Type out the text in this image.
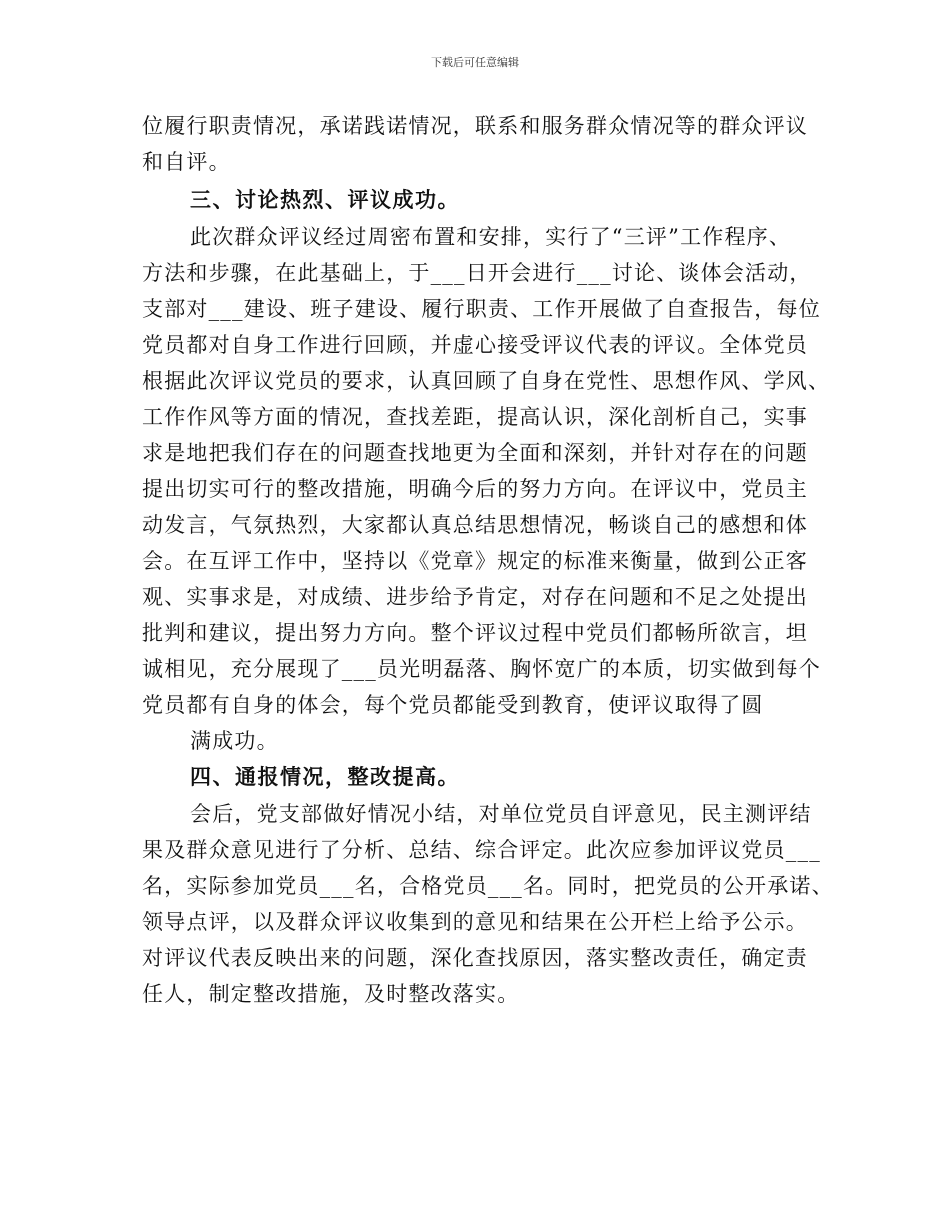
下载后可任意编辑
位履行职责情况，承诺践诺情况，联系和服务群众情况等的群众评议
和自评。
三、讨论热烈、评议成功。
此次群众评议经过周密布置和安排，实行了“三评”工作程序、
方法和步骤，在此基础上，于___日开会进行___讨论、谈体会活动，
支部对___建设、班子建设、履行职责、工作开展做了自查报告，每位
党员都对自身工作进行回顾，并虚心接受评议代表的评议。全体党员
根据此次评议党员的要求，认真回顾了自身在党性、思想作风、学风、
工作作风等方面的情况，查找差距，提高认识，深化剖析自己，实事
求是地把我们存在的问题查找地更为全面和深刻，并针对存在的问题
提出切实可行的整改措施，明确今后的努力方向。在评议中，党员主
动发言，气氛热烈，大家都认真总结思想情况，畅谈自己的感想和体
会。在互评工作中，坚持以《党章》规定的标准来衡量，做到公正客
观、实事求是，对成绩、进步给予肯定，对存在问题和不足之处提出
批判和建议，提出努力方向。整个评议过程中党员们都畅所欲言，坦
诚相见，充分展现了___员光明磊落、胸怀宽广的本质，切实做到每个
党员都有自身的体会，每个党员都能受到教育，使评议取得了圆
满成功。
四、通报情况，整改提高。
会后，党支部做好情况小结，对单位党员自评意见，民主测评结
果及群众意见进行了分析、总结、综合评定。此次应参加评议党员___
名，实际参加党员___名，合格党员___名。同时，把党员的公开承诺、
领导点评，以及群众评议收集到的意见和结果在公开栏上给予公示。
对评议代表反映出来的问题，深化查找原因，落实整改责任，确定责
任人，制定整改措施，及时整改落实。
